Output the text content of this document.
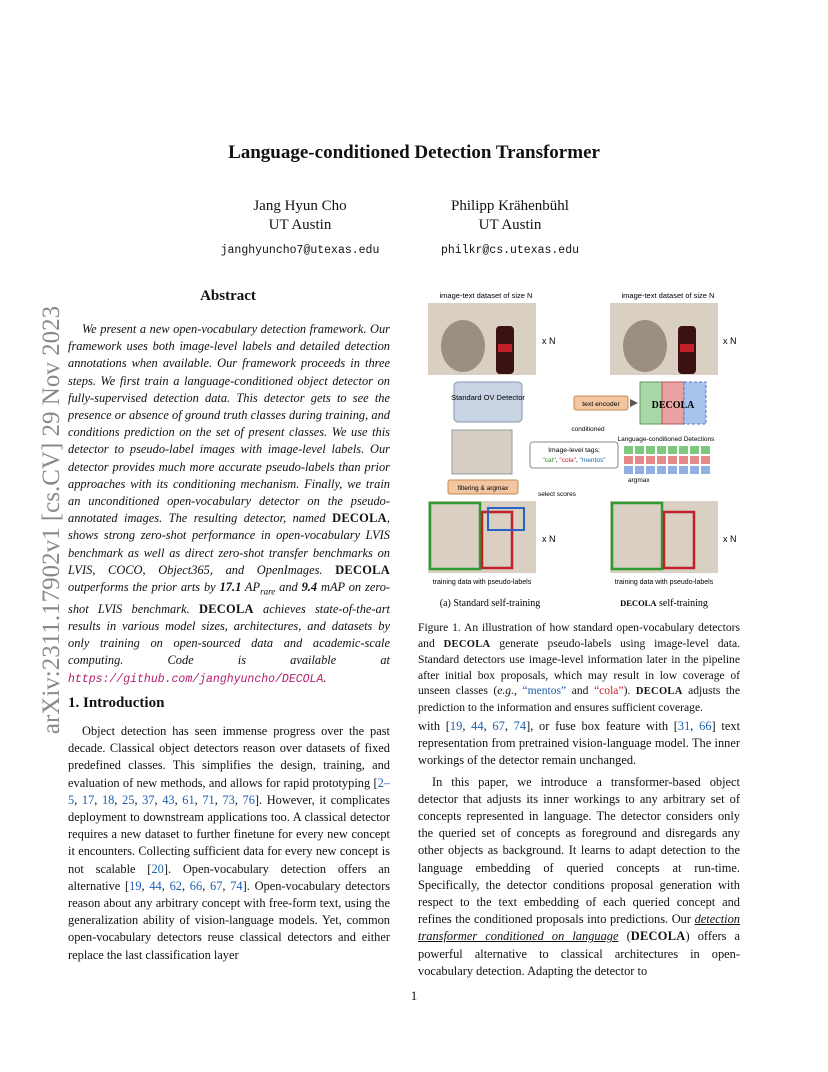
arXiv:2311.17902v1 [cs.CV] 29 Nov 2023
Language-conditioned Detection Transformer
Jang Hyun Cho
UT Austin
janghyuncho7@utexas.edu
Philipp Krähenbühl
UT Austin
philkr@cs.utexas.edu
Abstract

We present a new open-vocabulary detection framework. Our framework uses both image-level labels and detailed detection annotations when available. Our framework proceeds in three steps. We first train a language-conditioned object detector on fully-supervised detection data. This detector gets to see the presence or absence of ground truth classes during training, and conditions prediction on the set of present classes. We use this detector to pseudo-label images with image-level labels. Our detector provides much more accurate pseudo-labels than prior approaches with its conditioning mechanism. Finally, we train an unconditioned open-vocabulary detector on the pseudo-annotated images. The resulting detector, named DECOLA, shows strong zero-shot performance in open-vocabulary LVIS benchmark as well as direct zero-shot transfer benchmarks on LVIS, COCO, Object365, and OpenImages. DECOLA outperforms the prior arts by 17.1 $AP_{rare}$ and 9.4 mAP on zero-shot LVIS benchmark. DECOLA achieves state-of-the-art results in various model sizes, architectures, and datasets by only training on open-sourced data and academic-scale computing. Code is available at https://github.com/janghyuncho/DECOLA.

1. Introduction

Object detection has seen immense progress over the past decade. Classical object detectors reason over datasets of fixed predefined classes. This simplifies the design, training, and evaluation of new methods, and allows for rapid prototyping [2–5, 17, 18, 25, 37, 43, 61, 71, 73, 76]. However, it complicates deployment to downstream applications too. A classical detector requires a new dataset to further finetune for every new concept it encounters. Collecting sufficient data for every new concept is not scalable [20]. Open-vocabulary detection offers an alternative [19, 44, 62, 66, 67, 74]. Open-vocabulary detectors reason about any arbitrary concept with free-form text, using the generalization ability of vision-language models. Yet, common open-vocabulary detectors reuse classical detectors and either replace the last classification layer

image-text dataset of size N
x N
image-text dataset of size N
x N
Standard OV Detector
text encoder	DECOLA
conditioned
Language-conditioned Detections
Image-level tags:
"cat", "cola", "mentos"
filtering & argmax
select scores
argmax
x N
training data with pseudo-labels
x N
training data with pseudo-labels
(a) Standard self-training	DECOLA self-training
Figure 1. An illustration of how standard open-vocabulary detectors and DECOLA generate pseudo-labels using image-level data. Standard detectors use image-level information later in the pipeline after initial box proposals, which may result in low coverage of unseen classes (e.g., “mentos” and “cola”). DECOLA adjusts the prediction to the information and ensures sufficient coverage.

with [19, 44, 67, 74], or fuse box feature with [31, 66] text representation from pretrained vision-language model. The inner workings of the detector remain unchanged.

In this paper, we introduce a transformer-based object detector that adjusts its inner workings to any arbitrary set of concepts represented in language. The detector considers only the queried set of concepts as foreground and disregards any other objects as background. It learns to adapt detection to the language embedding of queried concepts at run-time. Specifically, the detector conditions proposal generation with respect to the text embedding of each queried concept and refines the conditioned proposals into predictions. Our detection transformer conditioned on language (DECOLA) offers a powerful alternative to classical architectures in open-vocabulary detection. Adapting the detector to

1
